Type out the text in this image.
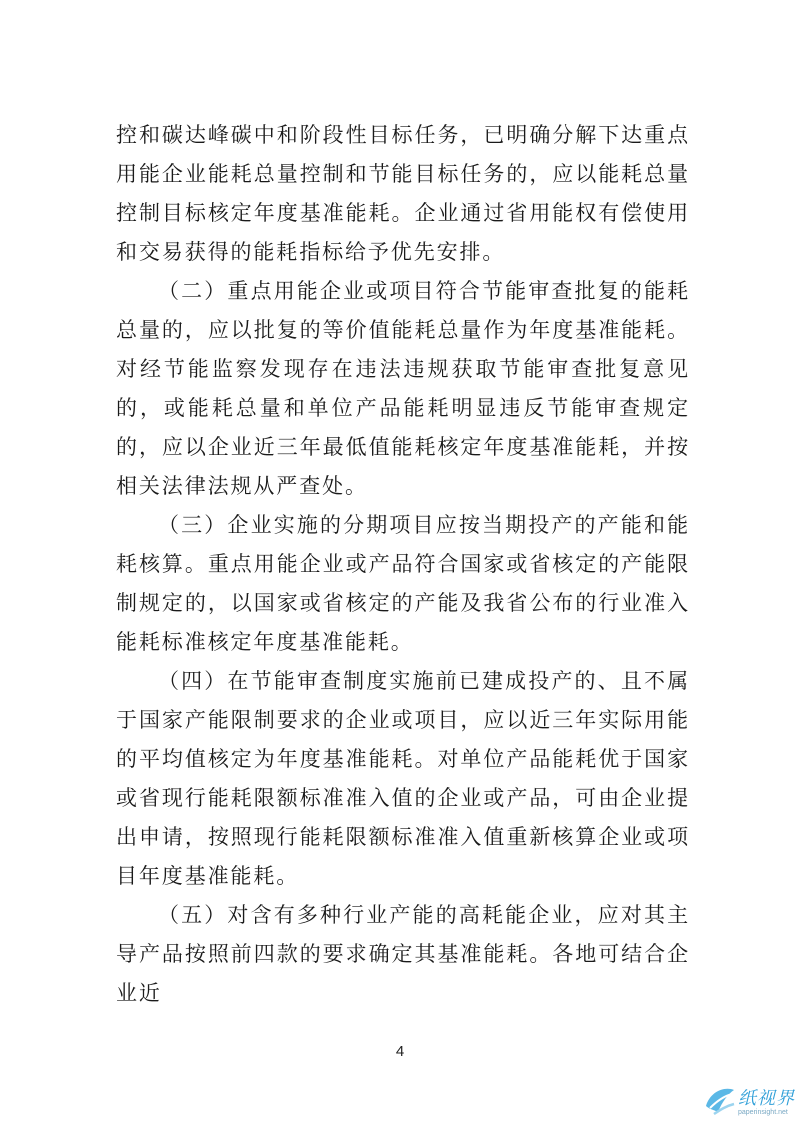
控和碳达峰碳中和阶段性目标任务，已明确分解下达重点用能企业能耗总量控制和节能目标任务的，应以能耗总量控制目标核定年度基准能耗。企业通过省用能权有偿使用和交易获得的能耗指标给予优先安排。

（二）重点用能企业或项目符合节能审查批复的能耗总量的，应以批复的等价值能耗总量作为年度基准能耗。对经节能监察发现存在违法违规获取节能审查批复意见的，或能耗总量和单位产品能耗明显违反节能审查规定的，应以企业近三年最低值能耗核定年度基准能耗，并按相关法律法规从严查处。

（三）企业实施的分期项目应按当期投产的产能和能耗核算。重点用能企业或产品符合国家或省核定的产能限制规定的，以国家或省核定的产能及我省公布的行业准入能耗标准核定年度基准能耗。

（四）在节能审查制度实施前已建成投产的、且不属于国家产能限制要求的企业或项目，应以近三年实际用能的平均值核定为年度基准能耗。对单位产品能耗优于国家或省现行能耗限额标准准入值的企业或产品，可由企业提出申请，按照现行能耗限额标准准入值重新核算企业或项目年度基准能耗。

（五）对含有多种行业产能的高耗能企业，应对其主导产品按照前四款的要求确定其基准能耗。各地可结合企业近

4
纸视界
paperinsight.net
